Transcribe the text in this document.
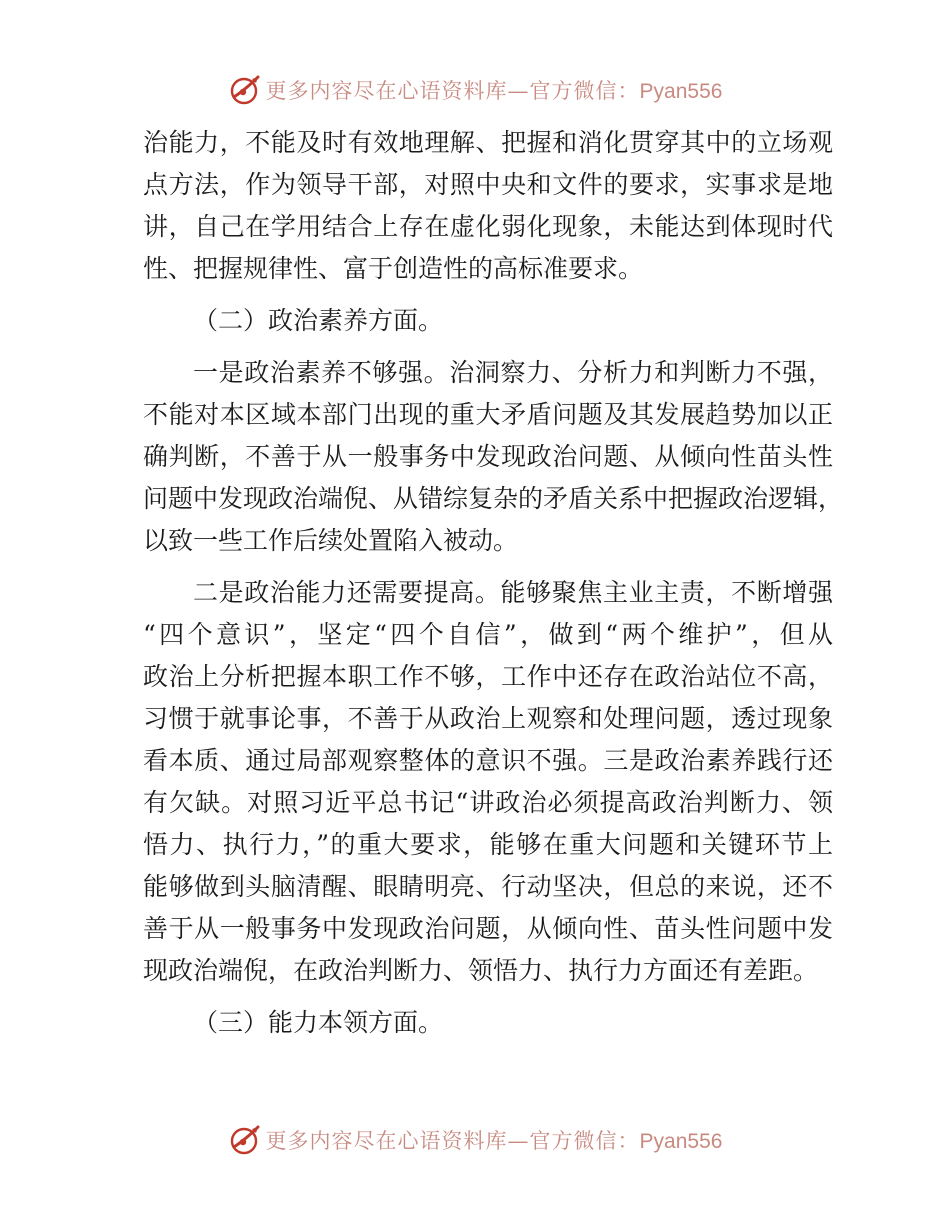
更多内容尽在心语资料库—官方微信：Pyan556
治能力，不能及时有效地理解、把握和消化贯穿其中的立场观
点方法，作为领导干部，对照中央和文件的要求，实事求是地
讲，自己在学用结合上存在虚化弱化现象，未能达到体现时代
性、把握规律性、富于创造性的高标准要求。
（二）政治素养方面。
一是政治素养不够强。治洞察力、分析力和判断力不强，
不能对本区域本部门出现的重大矛盾问题及其发展趋势加以正
确判断，不善于从一般事务中发现政治问题、从倾向性苗头性
问题中发现政治端倪、从错综复杂的矛盾关系中把握政治逻辑，
以致一些工作后续处置陷入被动。
二是政治能力还需要提高。能够聚焦主业主责，不断增强
“四个意识”，坚定“四个自信”，做到“两个维护”，但从
政治上分析把握本职工作不够，工作中还存在政治站位不高，
习惯于就事论事，不善于从政治上观察和处理问题，透过现象
看本质、通过局部观察整体的意识不强。三是政治素养践行还
有欠缺。对照习近平总书记“讲政治必须提高政治判断力、领
悟力、执行力，”的重大要求，能够在重大问题和关键环节上
能够做到头脑清醒、眼睛明亮、行动坚决，但总的来说，还不
善于从一般事务中发现政治问题，从倾向性、苗头性问题中发
现政治端倪，在政治判断力、领悟力、执行力方面还有差距。
（三）能力本领方面。
更多内容尽在心语资料库—官方微信：Pyan556
